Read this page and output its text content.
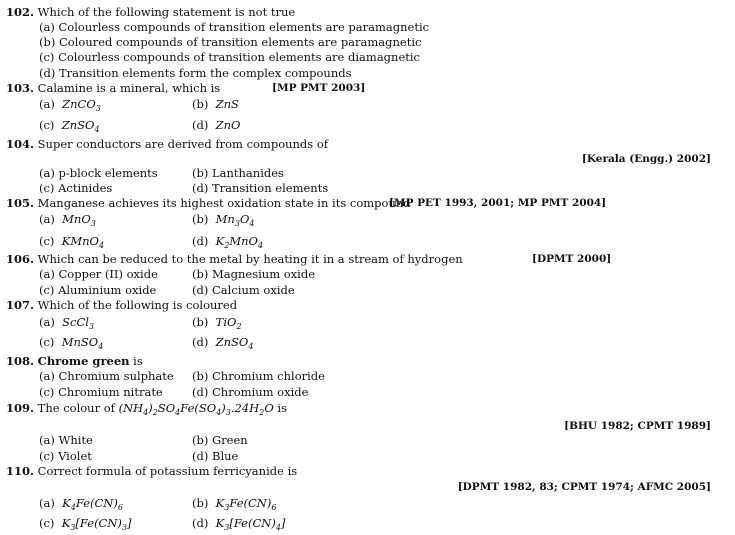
102. Which of the following statement is not true
(a) Colourless compounds of transition elements are paramagnetic
(b) Coloured compounds of transition elements are paramagnetic
(c) Colourless compounds of transition elements are diamagnetic
(d) Transition elements form the complex compounds
103. Calamine is a mineral, which is	[MP PMT 2003]
(a) ZnCO$_3$	(b) ZnS
(c) ZnSO$_4$	(d) ZnO
104. Super conductors are derived from compounds of
[Kerala (Engg.) 2002]
(a) p-block elements	(b) Lanthanides
(c) Actinides	(d) Transition elements
105. Manganese achieves its highest oxidation state in its compound
[MP PET 1993, 2001; MP PMT 2004]
(a) MnO$_3$	(b) $Mn_3O_4$
(c) KMnO$_4$	(d) $K_2MnO_4$
106. Which can be reduced to the metal by heating it in a stream of hydrogen	[DPMT 2000]
(a) Copper (II) oxide	(b) Magnesium oxide
(c) Aluminium oxide	(d) Calcium oxide
107. Which of the following is coloured
(a) ScCl$_3$	(b) TiO$_2$
(c) MnSO$_4$	(d) ZnSO$_4$
108. Chrome green is
(a) Chromium sulphate (b) Chromium chloride
(c) Chromium nitrate	(d) Chromium oxide
109. The colour of $(NH_4)_2SO_4Fe(SO_4)_3.24H_2O$ is
[BHU 1982; CPMT 1989]
(a) White	(b) Green
(c) Violet	(d) Blue
110. Correct formula of potassium ferricyanide is
[DPMT 1982, 83; CPMT 1974; AFMC 2005]
(a) $K_4Fe(CN)_6$	(b) $K_3Fe(CN)_6$
(c) $K_3[Fe(CN)_3]$	(d) $K_3[Fe(CN)_4]$
